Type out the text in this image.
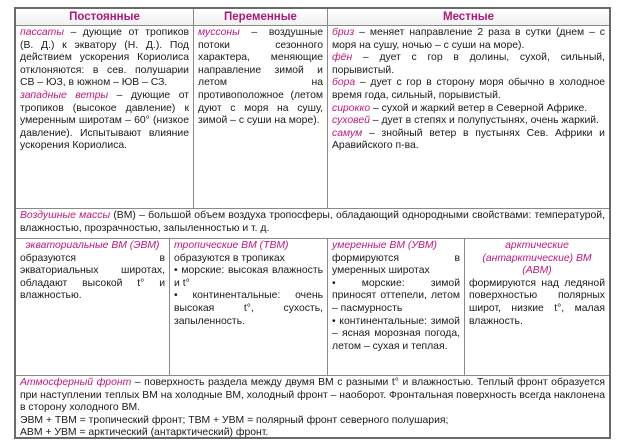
Постоянные	Переменные	Местные

пассаты – дующие от тропиков (В. Д.) к экватору (Н. Д.). Под действием ускорения Кориолиса отклоняются: в сев. полушарии СВ – ЮЗ, в южном – ЮВ – СЗ.

западные ветры – дующие от тропиков (высокое давление) к умеренным широтам – 60° (низкое давление). Испытывают влияние ускорения Кориолиса.

муссоны – воздушные потоки сезонного характера, меняющие направление зимой и летом на противоположное (летом дуют с моря на сушу, зимой – с суши на море).

бриз – меняет направление 2 раза в сутки (днем – с моря на сушу, ночью – с суши на море).

фён – дует с гор в долины, сухой, сильный, порывистый.

бора – дует с гор в сторону моря обычно в холодное время года, сильный, порывистый.

сирокко – сухой и жаркий ветер в Северной Африке.

суховей – дует в степях и полупустынях, очень жаркий.

самум – знойный ветер в пустынях Сев. Африки и Аравийского п-ва.

Воздушные массы (ВМ) – большой объем воздуха тропосферы, обладающий однородными свойствами: температурой, влажностью, прозрачностью, запыленностью и т. д.

экваториальные ВМ (ЭВМ)

образуются в экваториальных широтах, обладают высокой t° и влажностью.

тропические ВМ (ТВМ)

образуются в тропиках

• морские: высокая влажность и t°

• континентальные: очень высокая t°, сухость, запыленность.

умеренные ВМ (УВМ)

формируются в умеренных широтах

• морские: зимой приносят оттепели, летом – пасмурность

• континентальные: зимой – ясная морозная погода, летом – сухая и теплая.

арктические (антарктические) ВМ (АВМ)

формируются над ледяной поверхностью полярных широт, низкие t°, малая влажность.

Атмосферный фронт – поверхность раздела между двумя ВМ с разными t° и влажностью. Теплый фронт образуется при наступлении теплых ВМ на холодные ВМ, холодный фронт – наоборот. Фронтальная поверхность всегда наклонена в сторону холодного ВМ.

ЭВМ + ТВМ = тропический фронт; ТВМ + УВМ = полярный фронт северного полушария;

АВМ + УВМ = арктический (антарктический) фронт.
